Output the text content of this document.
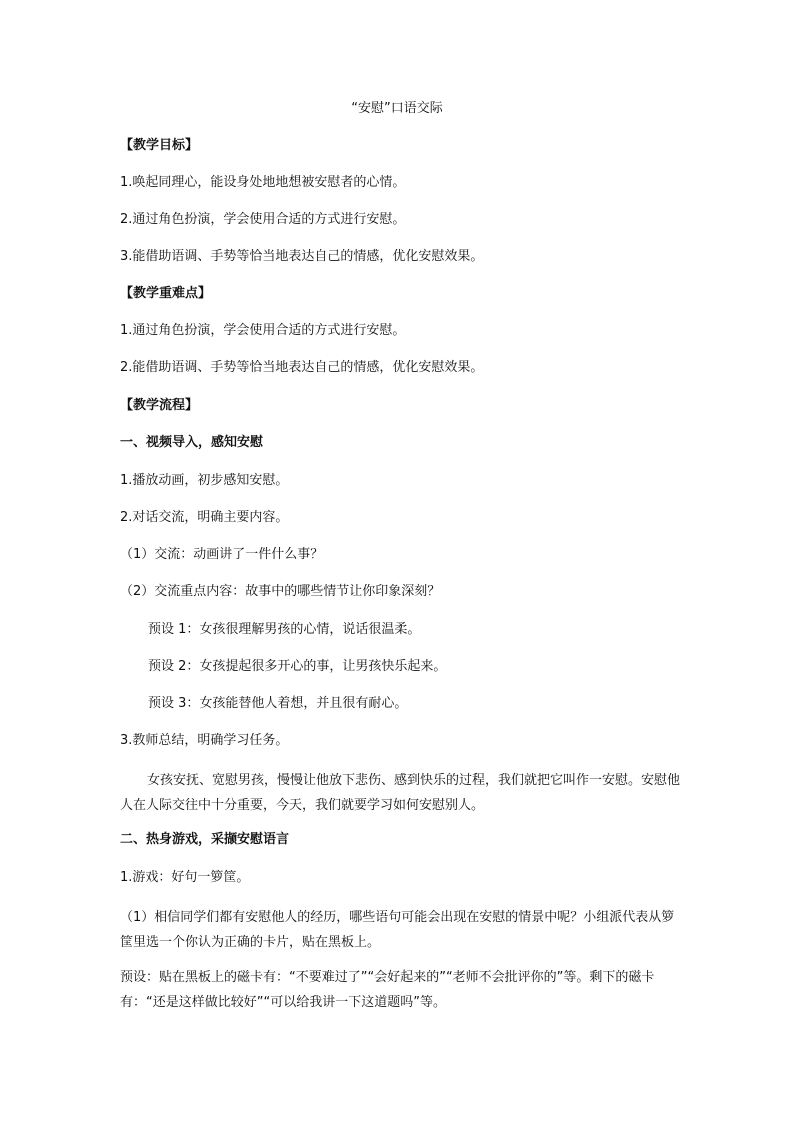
“安慰”口语交际
【教学目标】
1.唤起同理心，能设身处地地想被安慰者的心情。
2.通过角色扮演，学会使用合适的方式进行安慰。
3.能借助语调、手势等恰当地表达自己的情感，优化安慰效果。
【教学重难点】
1.通过角色扮演，学会使用合适的方式进行安慰。
2.能借助语调、手势等恰当地表达自己的情感，优化安慰效果。
【教学流程】
一、视频导入，感知安慰
1.播放动画，初步感知安慰。
2.对话交流，明确主要内容。
（1）交流：动画讲了一件什么事？
（2）交流重点内容：故事中的哪些情节让你印象深刻？
预设 1：女孩很理解男孩的心情，说话很温柔。
预设 2：女孩提起很多开心的事，让男孩快乐起来。
预设 3：女孩能替他人着想，并且很有耐心。
3.教师总结，明确学习任务。
女孩安抚、宽慰男孩，慢慢让他放下悲伤、感到快乐的过程，我们就把它叫作一安慰。安慰他人在人际交往中十分重要，今天，我们就要学习如何安慰别人。
二、热身游戏，采撷安慰语言
1.游戏：好句一箩筐。
（1）相信同学们都有安慰他人的经历，哪些语句可能会出现在安慰的情景中呢？小组派代表从箩筐里选一个你认为正确的卡片，贴在黑板上。
预设：贴在黑板上的磁卡有：“不要难过了”“会好起来的”“老师不会批评你的”等。剩下的磁卡有：“还是这样做比较好”“可以给我讲一下这道题吗”等。
